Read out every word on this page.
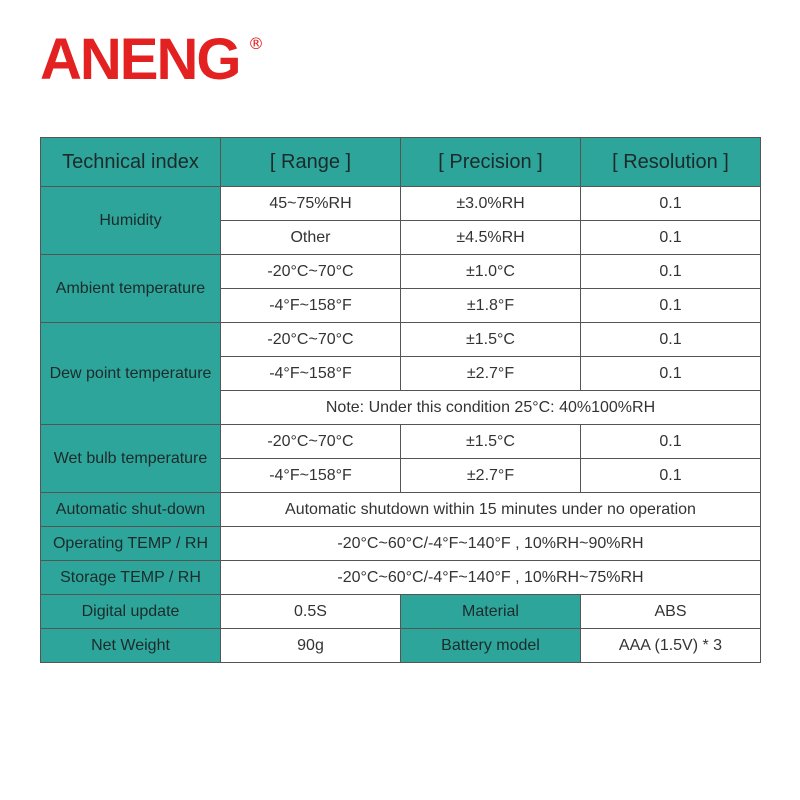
ANENG ®
Technical index	[ Range ]	[ Precision ]	[ Resolution ]
Humidity	45~75%RH	±3.0%RH	0.1
	Other	±4.5%RH	0.1
Ambient temperature	-20°C~70°C	±1.0°C	0.1
	-4°F~158°F	±1.8°F	0.1
Dew point temperature	-20°C~70°C	±1.5°C	0.1
	-4°F~158°F	±2.7°F	0.1
	Note: Under this condition 25°C: 40%100%RH		
Wet bulb temperature	-20°C~70°C	±1.5°C	0.1
	-4°F~158°F	±2.7°F	0.1
Automatic shut-down	Automatic shutdown within 15 minutes under no operation		
Operating TEMP / RH	-20°C~60°C/-4°F~140°F , 10%RH~90%RH		
Storage TEMP / RH	-20°C~60°C/-4°F~140°F , 10%RH~75%RH		
Digital update	0.5S	Material	ABS
Net Weight	90g	Battery model	AAA (1.5V) * 3
